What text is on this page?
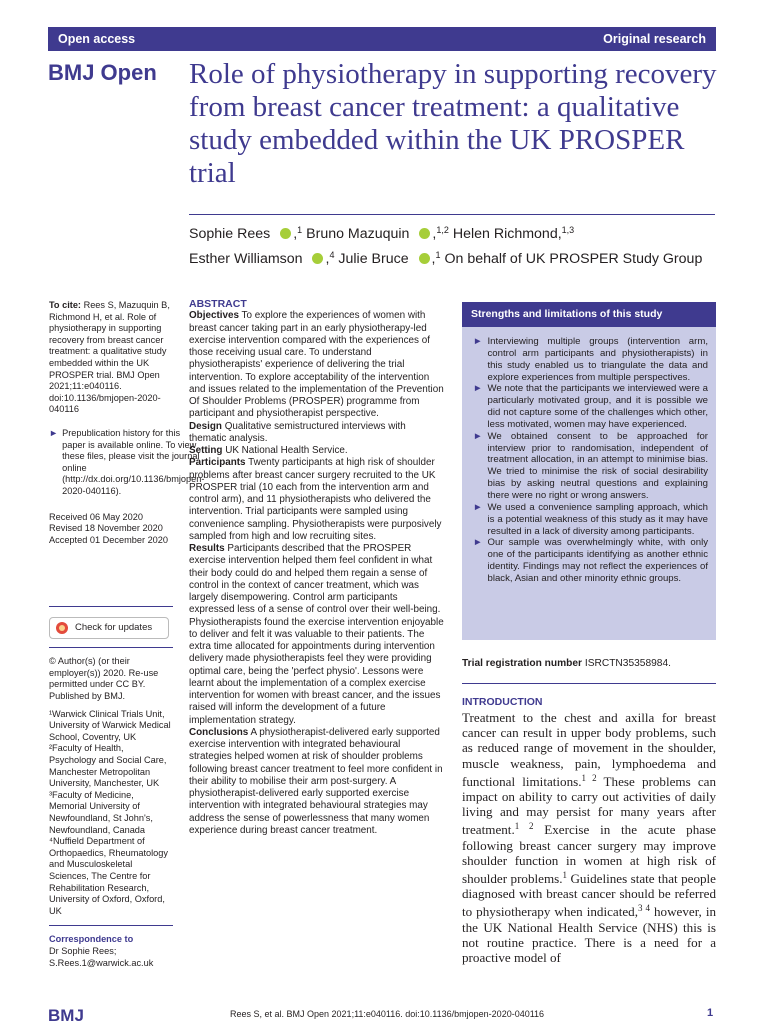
Open access	Original research
BMJ Open Role of physiotherapy in supporting recovery from breast cancer treatment: a qualitative study embedded within the UK PROSPER trial
Sophie Rees ,$^1$ Bruno Mazuquin ,$^{1,2}$ Helen Richmond,$^{1,3}$
Esther Williamson ,$^4$ Julie Bruce ,$^1$ On behalf of UK PROSPER Study Group

To cite: Rees S, Mazuquin B, Richmond H, et al. Role of physiotherapy in supporting recovery from breast cancer treatment: a qualitative study embedded within the UK PROSPER trial. BMJ Open 2021;11:e040116. doi:10.1136/bmjopen-2020-040116

► Prepublication history for this paper is available online. To view these files, please visit the journal online (http://dx.doi.org/10.1136/bmjopen-2020-040116).

Received 06 May 2020

Revised 18 November 2020

Accepted 01 December 2020

Check for updates

© Author(s) (or their employer(s)) 2020. Re-use permitted under CC BY. Published by BMJ.

¹Warwick Clinical Trials Unit, University of Warwick Medical School, Coventry, UK

²Faculty of Health, Psychology and Social Care, Manchester Metropolitan University, Manchester, UK

³Faculty of Medicine, Memorial University of Newfoundland, St John's, Newfoundland, Canada

⁴Nuffield Department of Orthopaedics, Rheumatology and Musculoskeletal Sciences, The Centre for Rehabilitation Research, University of Oxford, Oxford, UK

Correspondence to

Dr Sophie Rees;

S.Rees.1@warwick.ac.uk

ABSTRACT

Objectives To explore the experiences of women with breast cancer taking part in an early physiotherapy-led exercise intervention compared with the experiences of those receiving usual care. To understand physiotherapists' experience of delivering the trial intervention. To explore acceptability of the intervention and issues related to the implementation of the Prevention Of Shoulder Problems (PROSPER) programme from participant and physiotherapist perspective.

Design Qualitative semistructured interviews with thematic analysis.

Setting UK National Health Service.

Participants Twenty participants at high risk of shoulder problems after breast cancer surgery recruited to the UK PROSPER trial (10 each from the intervention arm and control arm), and 11 physiotherapists who delivered the intervention. Trial participants were sampled using convenience sampling. Physiotherapists were purposively sampled from high and low recruiting sites.

Results Participants described that the PROSPER exercise intervention helped them feel confident in what their body could do and helped them regain a sense of control in the context of cancer treatment, which was largely disempowering. Control arm participants expressed less of a sense of control over their well-being. Physiotherapists found the exercise intervention enjoyable to deliver and felt it was valuable to their patients. The extra time allocated for appointments during intervention delivery made physiotherapists feel they were providing optimal care, being the 'perfect physio'. Lessons were learnt about the implementation of a complex exercise intervention for women with breast cancer, and the issues raised will inform the development of a future implementation strategy.

Conclusions A physiotherapist-delivered early supported exercise intervention with integrated behavioural strategies helped women at risk of shoulder problems following breast cancer treatment to feel more confident in their ability to mobilise their arm post-surgery. A physiotherapist-delivered early supported exercise intervention with integrated behavioural strategies may address the sense of powerlessness that many women experience during breast cancer treatment.

Strengths and limitations of this study
► Interviewing multiple groups (intervention arm, control arm participants and physiotherapists) in this study enabled us to triangulate the data and explore experiences from multiple perspectives.
► We note that the participants we interviewed were a particularly motivated group, and it is possible we did not capture some of the challenges which other, less motivated, women may have experienced.
► We obtained consent to be approached for interview prior to randomisation, independent of treatment allocation, in an attempt to minimise bias. We tried to minimise the risk of social desirability bias by asking neutral questions and explaining there were no right or wrong answers.
► We used a convenience sampling approach, which is a potential weakness of this study as it may have resulted in a lack of diversity among participants.
► Our sample was overwhelmingly white, with only one of the participants identifying as another ethnic identity. Findings may not reflect the experiences of black, Asian and other minority ethnic groups.
Trial registration number ISRCTN35358984.
INTRODUCTION

Treatment to the chest and axilla for breast cancer can result in upper body problems, such as reduced range of movement in the shoulder, muscle weakness, pain, lymphoedema and functional limitations.$^{1 2}$ These problems can impact on ability to carry out activities of daily living and may persist for many years after treatment.$^{1 2}$ Exercise in the acute phase following breast cancer surgery may improve shoulder function in women at high risk of shoulder problems.$^1$ Guidelines state that people diagnosed with breast cancer should be referred to physiotherapy when indicated,$^{3 4}$ however, in the UK National Health Service (NHS) this is not routine practice. There is a need for a proactive model of

BMJ	Rees S, et al. BMJ Open 2021;11:e040116. doi:10.1136/bmjopen-2020-040116	1
